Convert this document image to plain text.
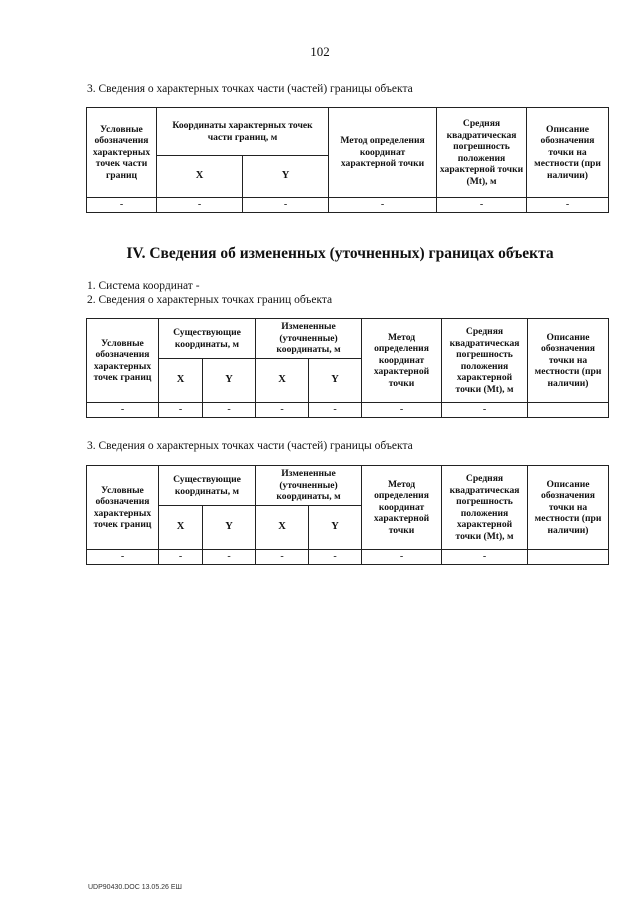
102
3. Сведения о характерных точках части (частей) границы объекта
Условные обозначения характерных точек части границ	Координаты характерных точек части границ, м		Метод определения координат характерной точки	Средняя квадратическая погрешность положения характерной точки (Mt), м	Описание обозначения точки на местности (при наличии)
	X	Y			
-	-	-	-	-	-
IV. Сведения об измененных (уточненных) границах объекта
1. Система координат -
2. Сведения о характерных точках границ объекта
Условные обозначения характерных точек границ	Существующие координаты, м		Измененные (уточненные) координаты, м		Метод определения координат характерной точки	Средняя квадратическая погрешность положения характерной точки (Mt), м	Описание обозначения точки на местности (при наличии)
	X	Y	X	Y			
-	-	-	-	-	-	-	
3. Сведения о характерных точках части (частей) границы объекта
Условные обозначения характерных точек границ	Существующие координаты, м		Измененные (уточненные) координаты, м		Метод определения координат характерной точки	Средняя квадратическая погрешность положения характерной точки (Mt), м	Описание обозначения точки на местности (при наличии)
	X	Y	X	Y			
-	-	-	-	-	-	-	
UDP90430.DOC 13.05.26 EШ
